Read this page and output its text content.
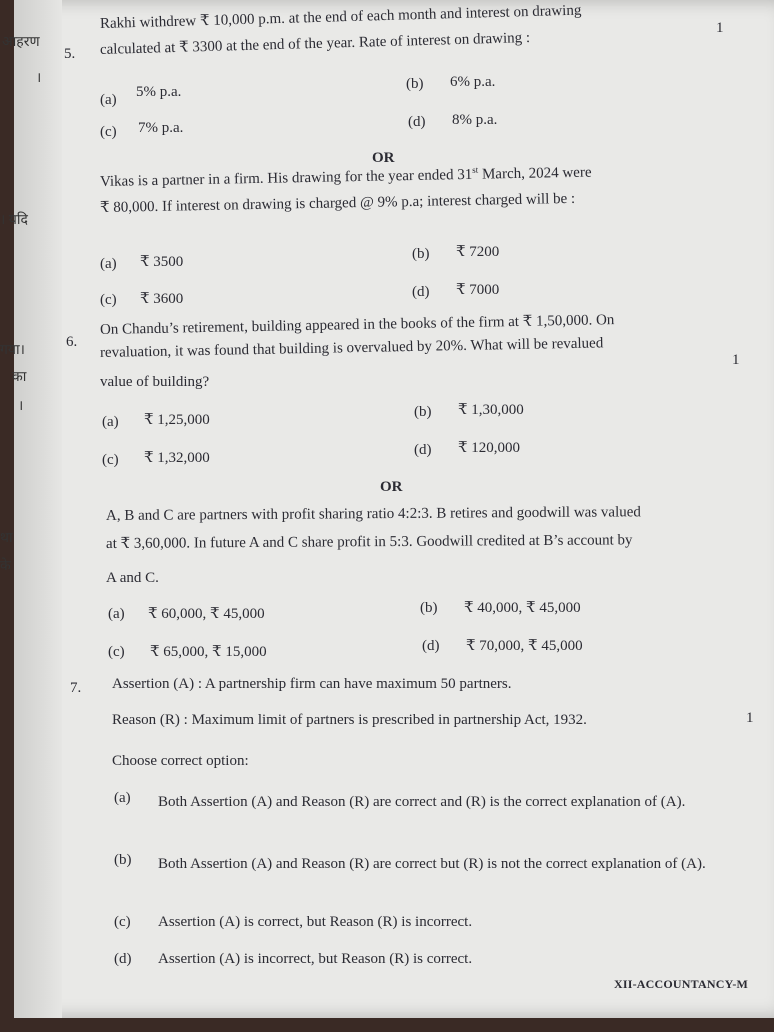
आहरण
।
। यदि
गया।
का
।
था
के
5.
Rakhi withdrew ₹ 10,000 p.m. at the end of each month and interest on drawing
calculated at ₹ 3300 at the end of the year. Rate of interest on drawing :
1
(a) 5% p.a.	(b) 6% p.a.
(c) 7% p.a.	(d) 8% p.a.
OR
Vikas is a partner in a firm. His drawing for the year ended 31st March, 2024 were
₹ 80,000. If interest on drawing is charged @ 9% p.a; interest charged will be :
(a) ₹ 3500	(b) ₹ 7200
(c) ₹ 3600	(d) ₹ 7000
6.
On Chandu’s retirement, building appeared in the books of the firm at ₹ 1,50,000. On
revaluation, it was found that building is overvalued by 20%. What will be revalued
value of building?
1
(a) ₹ 1,25,000	(b) ₹ 1,30,000
(c) ₹ 1,32,000	(d) ₹ 120,000
OR
A, B and C are partners with profit sharing ratio 4:2:3. B retires and goodwill was valued
at ₹ 3,60,000. In future A and C share profit in 5:3. Goodwill credited at B’s account by
A and C.
(a) ₹ 60,000, ₹ 45,000	(b) ₹ 40,000, ₹ 45,000
(c) ₹ 65,000, ₹ 15,000	(d) ₹ 70,000, ₹ 45,000
7. Assertion (A) : A partnership firm can have maximum 50 partners.
Reason (R) : Maximum limit of partners is prescribed in partnership Act, 1932.	1
Choose correct option:
(a) Both Assertion (A) and Reason (R) are correct and (R) is the correct explanation of (A).
(b) Both Assertion (A) and Reason (R) are correct but (R) is not the correct explanation of (A).
(c) Assertion (A) is correct, but Reason (R) is incorrect.
(d) Assertion (A) is incorrect, but Reason (R) is correct.
XII-ACCOUNTANCY-M
